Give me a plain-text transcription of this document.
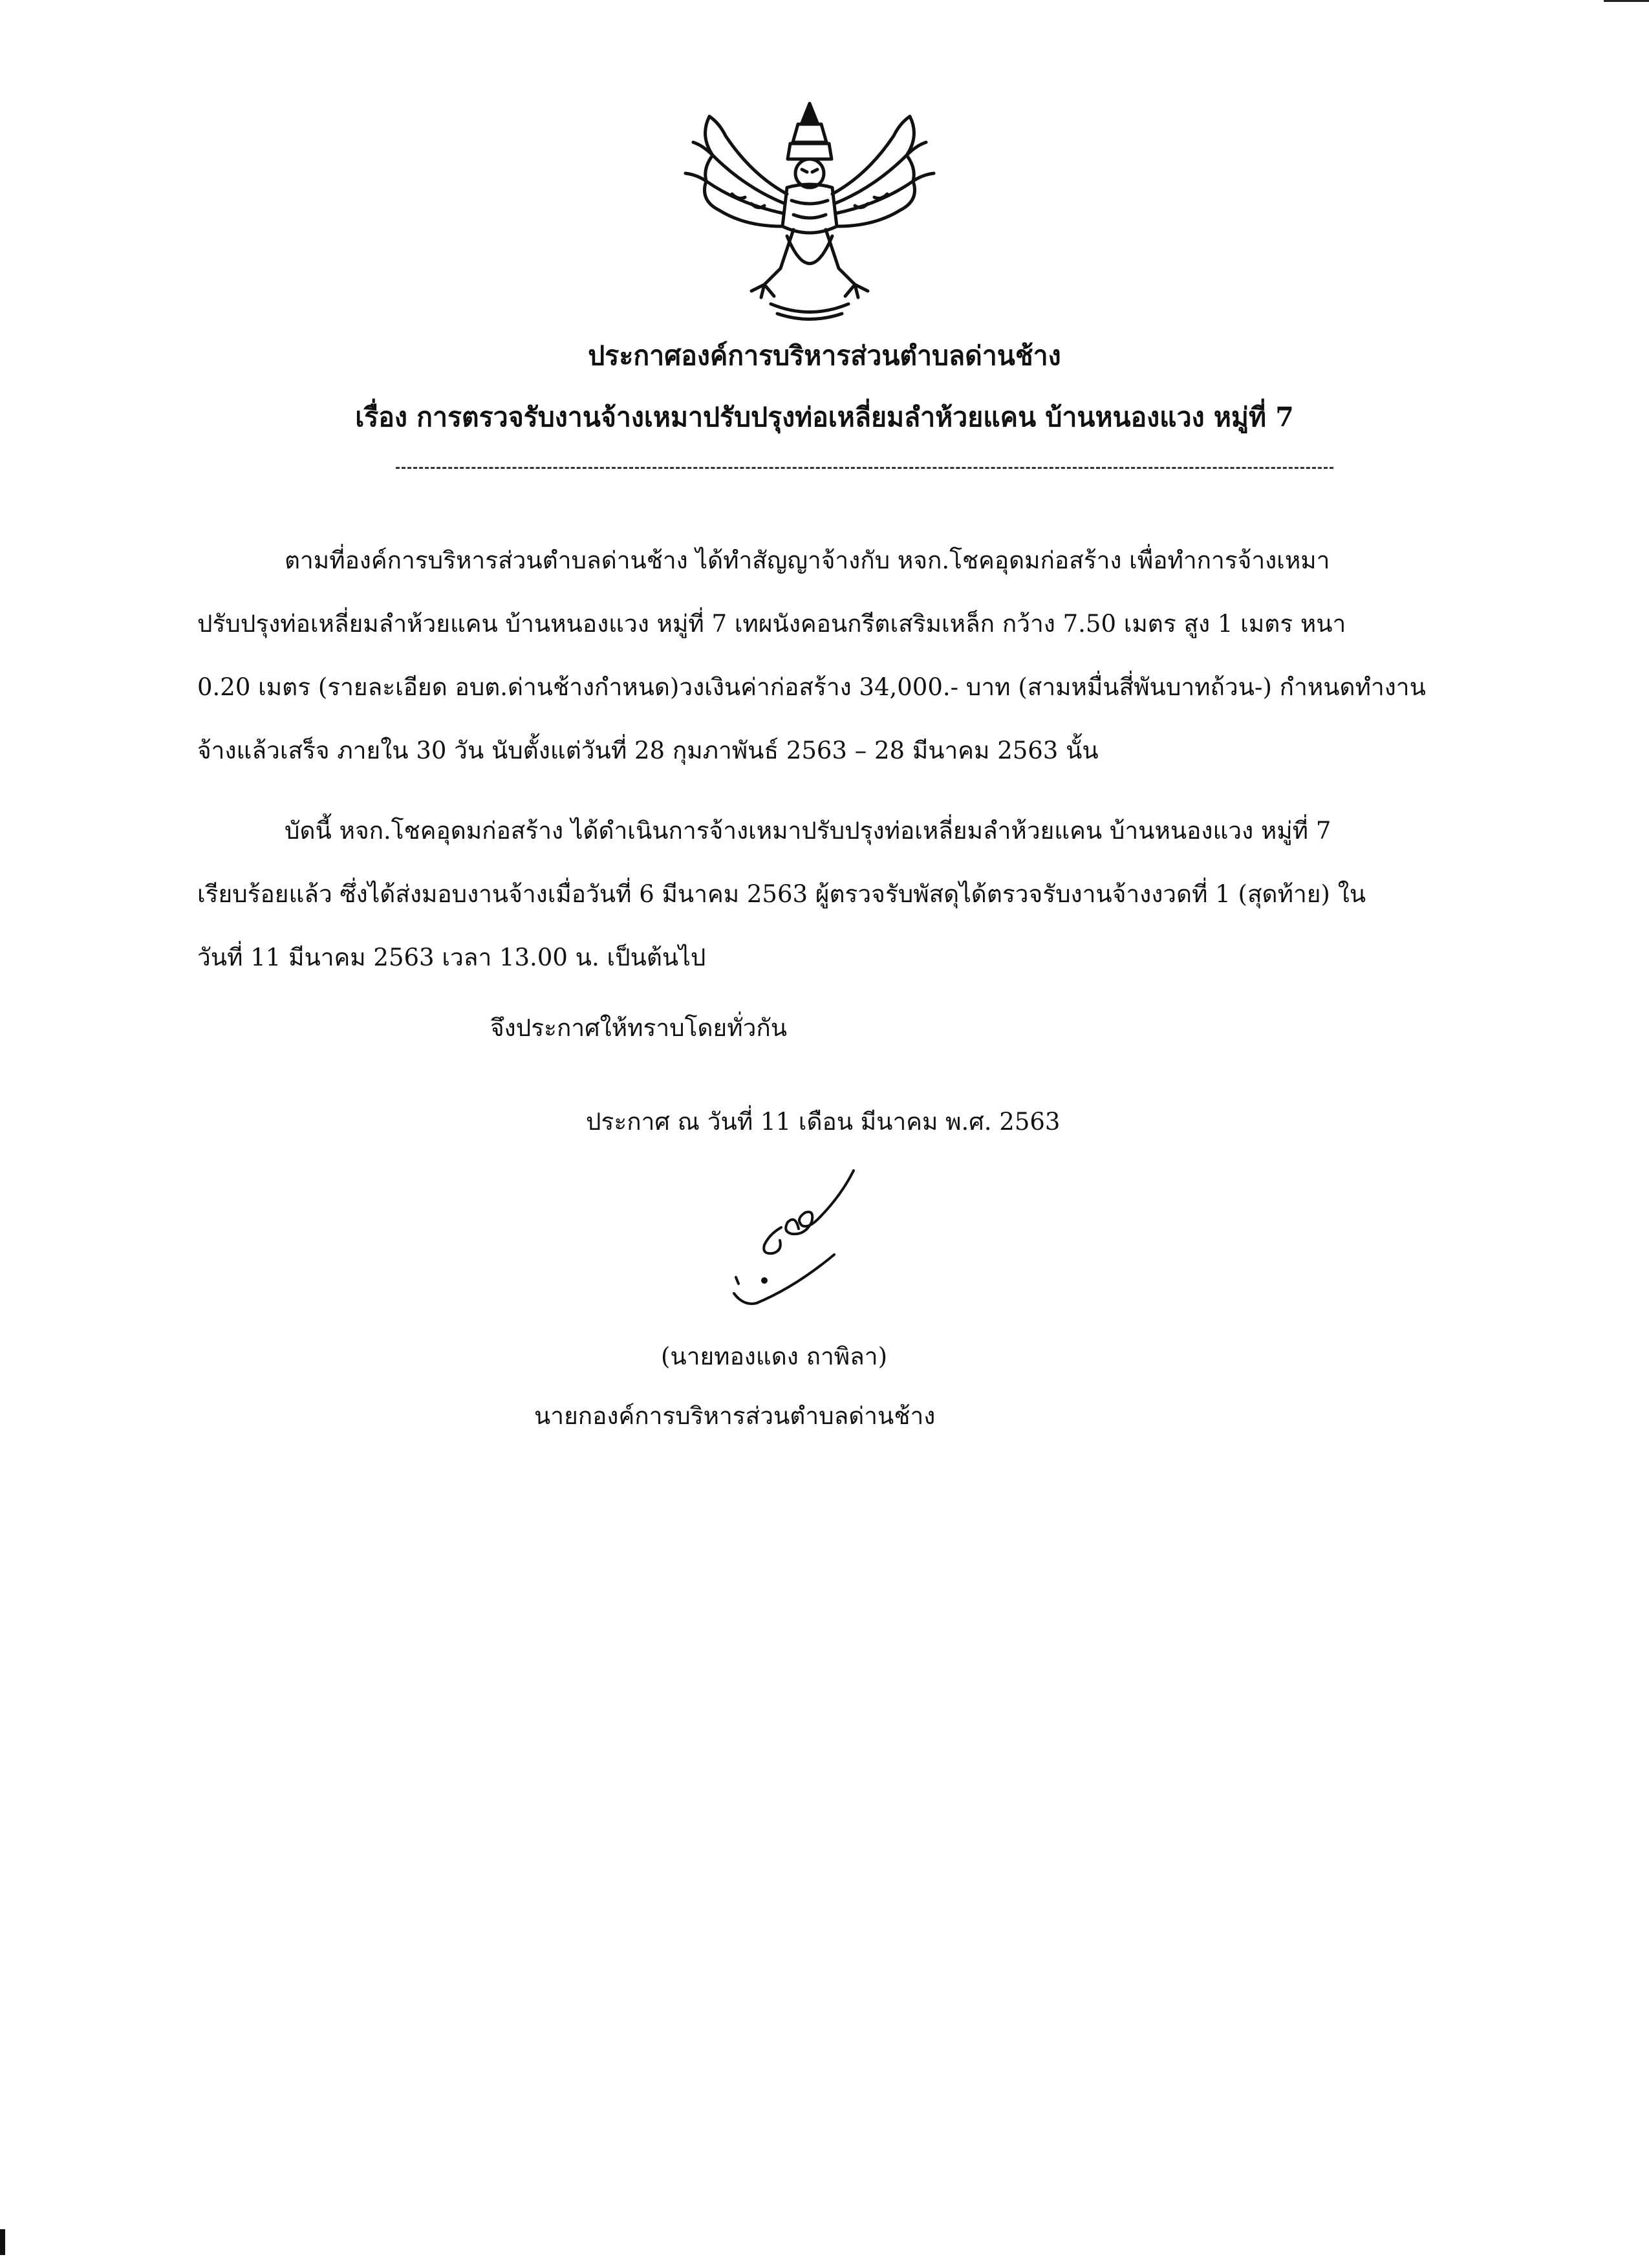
ประกาศองค์การบริหารส่วนตำบลด่านช้าง
เรื่อง การตรวจรับงานจ้างเหมาปรับปรุงท่อเหลี่ยมลำห้วยแคน บ้านหนองแวง หมู่ที่ 7
ตามที่องค์การบริหารส่วนตำบลด่านช้าง ได้ทำสัญญาจ้างกับ หจก.โชคอุดมก่อสร้าง เพื่อทำการจ้างเหมา
ปรับปรุงท่อเหลี่ยมลำห้วยแคน บ้านหนองแวง หมู่ที่ 7 เทผนังคอนกรีตเสริมเหล็ก กว้าง 7.50 เมตร สูง 1 เมตร หนา
0.20 เมตร (รายละเอียด อบต.ด่านช้างกำหนด)วงเงินค่าก่อสร้าง 34,000.- บาท (สามหมื่นสี่พันบาทถ้วน-) กำหนดทำงาน
จ้างแล้วเสร็จ ภายใน 30 วัน นับตั้งแต่วันที่ 28 กุมภาพันธ์ 2563 – 28 มีนาคม 2563 นั้น
บัดนี้ หจก.โชคอุดมก่อสร้าง ได้ดำเนินการจ้างเหมาปรับปรุงท่อเหลี่ยมลำห้วยแคน บ้านหนองแวง หมู่ที่ 7
เรียบร้อยแล้ว ซึ่งได้ส่งมอบงานจ้างเมื่อวันที่ 6 มีนาคม 2563 ผู้ตรวจรับพัสดุได้ตรวจรับงานจ้างงวดที่ 1 (สุดท้าย) ใน
วันที่ 11 มีนาคม 2563 เวลา 13.00 น. เป็นต้นไป
จึงประกาศให้ทราบโดยทั่วกัน
ประกาศ ณ วันที่ 11 เดือน มีนาคม พ.ศ. 2563
(นายทองแดง ถาพิลา)
นายกองค์การบริหารส่วนตำบลด่านช้าง
